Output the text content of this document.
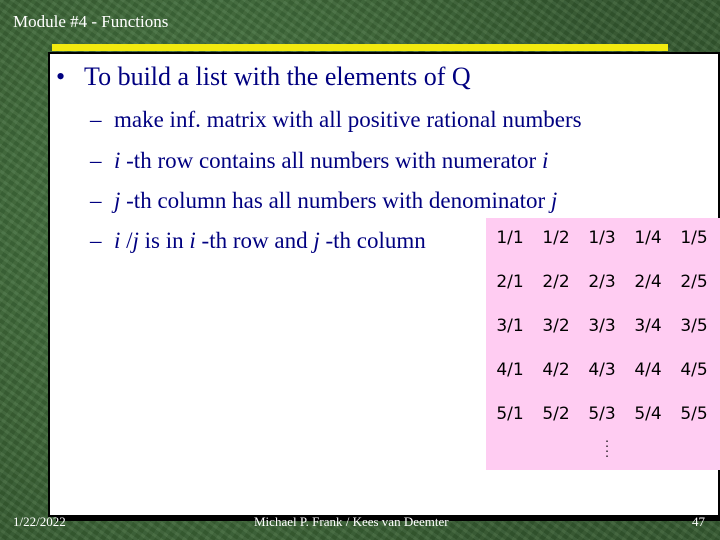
Module #4 - Functions
• To build a list with the elements of Q
– make inf. matrix with all positive rational numbers
– i -th row contains all numbers with numerator i
– j -th column has all numbers with denominator j
– i /j is in i -th row and j -th column	1/1	1/2	1/3	1/4	1/5
2/1	2/2	2/3	2/4	2/5
3/1	3/2	3/3	3/4	3/5
4/1	4/2	4/3	4/4	4/5
5/1	5/2	5/3	5/4	5/5
:
:
1/22/2022	Michael P. Frank / Kees van Deemter	47
